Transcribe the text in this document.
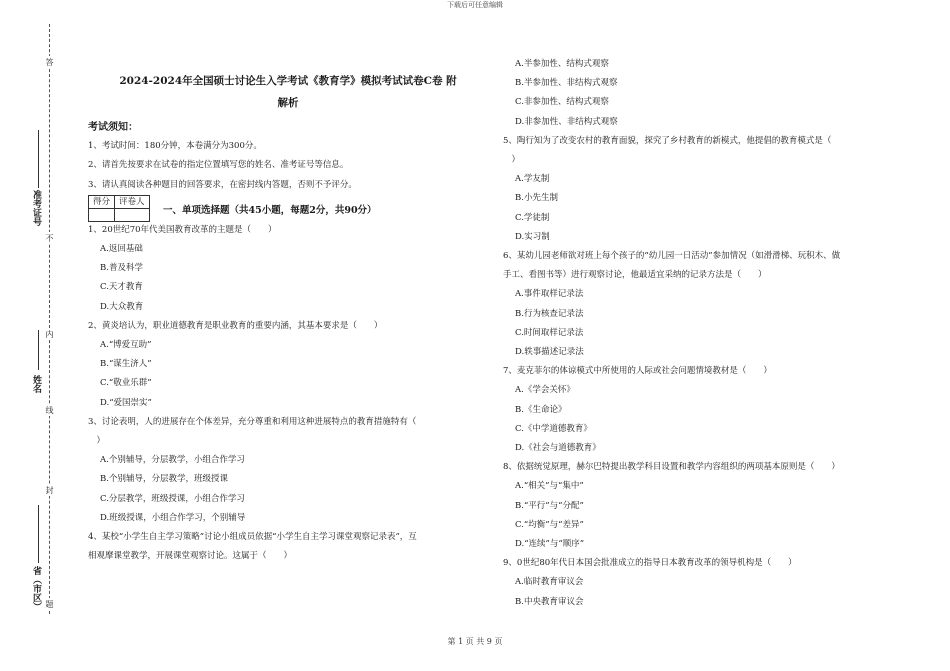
下载后可任意编辑
答
准考证号
不
内
姓名
线
封
省（市区） 题
2024-2024年全国硕士讨论生入学考试《教育学》模拟考试试卷C卷 附
解析
考试须知：
1、考试时间：180分钟，本卷满分为300分。
2、请首先按要求在试卷的指定位置填写您的姓名、准考证号等信息。
3、请认真阅读各种题目的回答要求，在密封线内答题，否则不予评分。
得分	评卷人

一、单项选择题（共45小题，每题2分，共90分）
1、20世纪70年代美国教育改革的主题是（　　）
A.返回基础
B.普及科学
C.天才教育
D.大众教育
2、黄炎培认为，职业道德教育是职业教育的重要内涵，其基本要求是（　　）
A.“博爱互助”
B.“谋生济人”
C.“敬业乐群”
D.“爱国崇实”
3、讨论表明，人的进展存在个体差异，充分尊重和利用这种进展特点的教育措施特有（
　）
A.个别辅导，分层教学，小组合作学习
B.个别辅导，分层教学，班级授课
C.分层教学，班级授课，小组合作学习
D.班级授课，小组合作学习，个别辅导
4、某校“小学生自主学习策略”讨论小组成员依据“小学生自主学习课堂观察记录表”，互
相观摩课堂教学，开展课堂观察讨论。这属于（　　）
A.半参加性、结构式观察
B.半参加性、非结构式观察
C.非参加性、结构式观察
D.非参加性、非结构式观察
5、陶行知为了改变农村的教育面貌，探究了乡村教育的新模式，他提倡的教育模式是（
　）
A.学友制
B.小先生制
C.学徒制
D.实习制
6、某幼儿园老师欲对班上每个孩子的“幼儿园一日活动”参加情况（如滑滑梯、玩积木、做
手工、看图书等）进行观察讨论，他最适宜采纳的记录方法是（　　）
A.事件取样记录法
B.行为核查记录法
C.时间取样记录法
D.轶事描述记录法
7、麦克菲尔的体谅模式中所使用的人际或社会问题情境教材是（　　）
A.《学会关怀》
B.《生命论》
C.《中学道德教育》
D.《社会与道德教育》
8、依据统觉原理，赫尔巴特提出教学科目设置和教学内容组织的两项基本原则是（　　）
A.“相关”与“集中”
B.“平行”与“分配”
C.“均衡”与“差异”
D.“连续”与“顺序”
9、0世纪80年代日本国会批准成立的指导日本教育改革的领导机构是（　　）
A.临时教育审议会
B.中央教育审议会
第 1 页 共 9 页
